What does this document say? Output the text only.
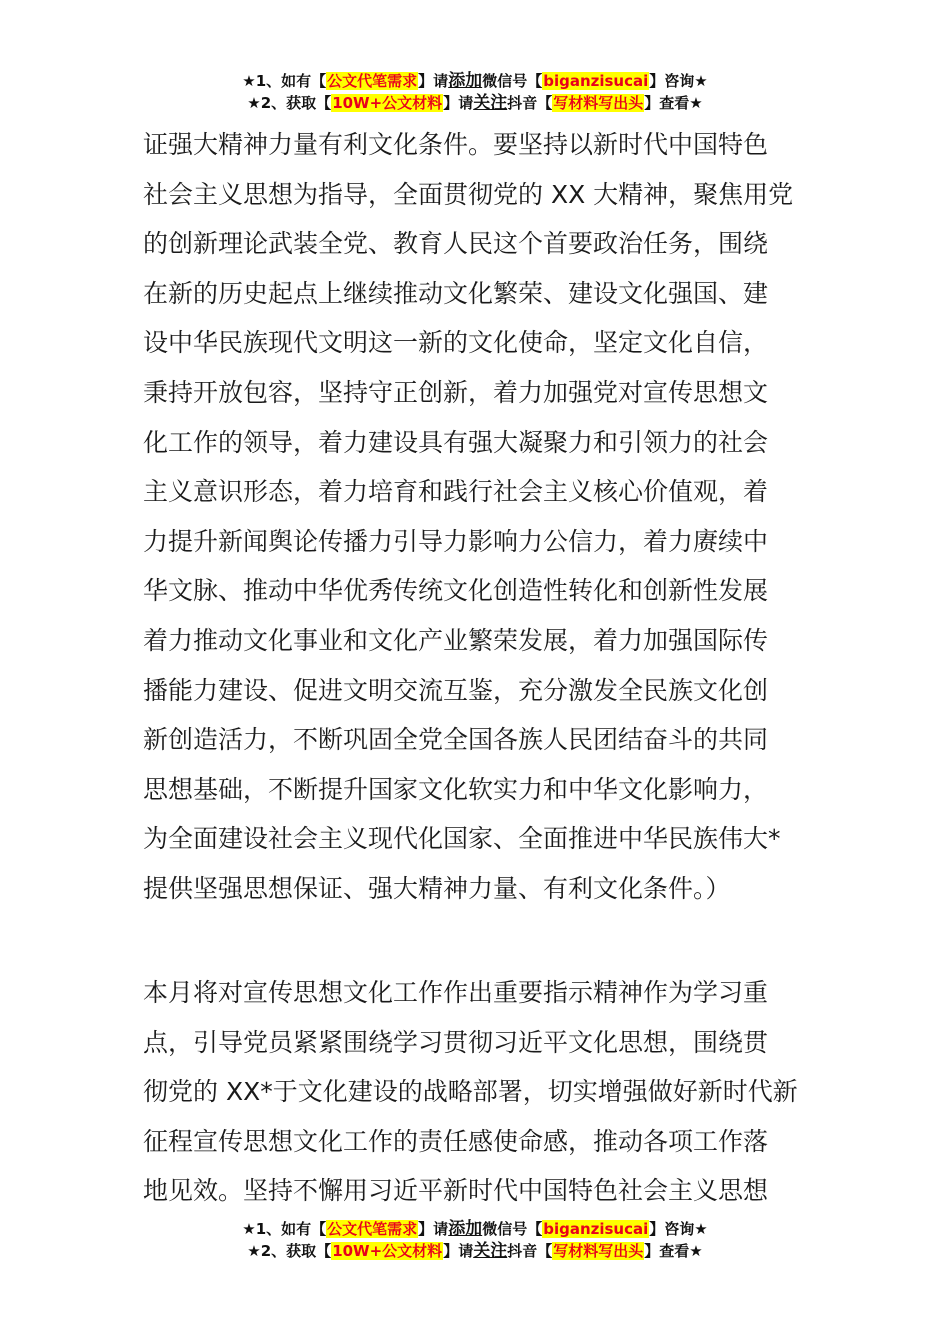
★1、如有【公文代笔需求】请添加微信号【biganzisucai】咨询★
★2、获取【10W+公文材料】请关注抖音【写材料写出头】查看★
证强大精神力量有利文化条件。要坚持以新时代中国特色
社会主义思想为指导，全面贯彻党的 XX 大精神，聚焦用党
的创新理论武装全党、教育人民这个首要政治任务，围绕
在新的历史起点上继续推动文化繁荣、建设文化强国、建
设中华民族现代文明这一新的文化使命，坚定文化自信，
秉持开放包容，坚持守正创新，着力加强党对宣传思想文
化工作的领导，着力建设具有强大凝聚力和引领力的社会
主义意识形态，着力培育和践行社会主义核心价值观，着
力提升新闻舆论传播力引导力影响力公信力，着力赓续中
华文脉、推动中华优秀传统文化创造性转化和创新性发展
着力推动文化事业和文化产业繁荣发展，着力加强国际传
播能力建设、促进文明交流互鉴，充分激发全民族文化创
新创造活力，不断巩固全党全国各族人民团结奋斗的共同
思想基础，不断提升国家文化软实力和中华文化影响力，
为全面建设社会主义现代化国家、全面推进中华民族伟大*
提供坚强思想保证、强大精神力量、有利文化条件。）
本月将对宣传思想文化工作作出重要指示精神作为学习重
点，引导党员紧紧围绕学习贯彻习近平文化思想，围绕贯
彻党的 XX*于文化建设的战略部署，切实增强做好新时代新
征程宣传思想文化工作的责任感使命感，推动各项工作落
地见效。坚持不懈用习近平新时代中国特色社会主义思想
★1、如有【公文代笔需求】请添加微信号【biganzisucai】咨询★
★2、获取【10W+公文材料】请关注抖音【写材料写出头】查看★
